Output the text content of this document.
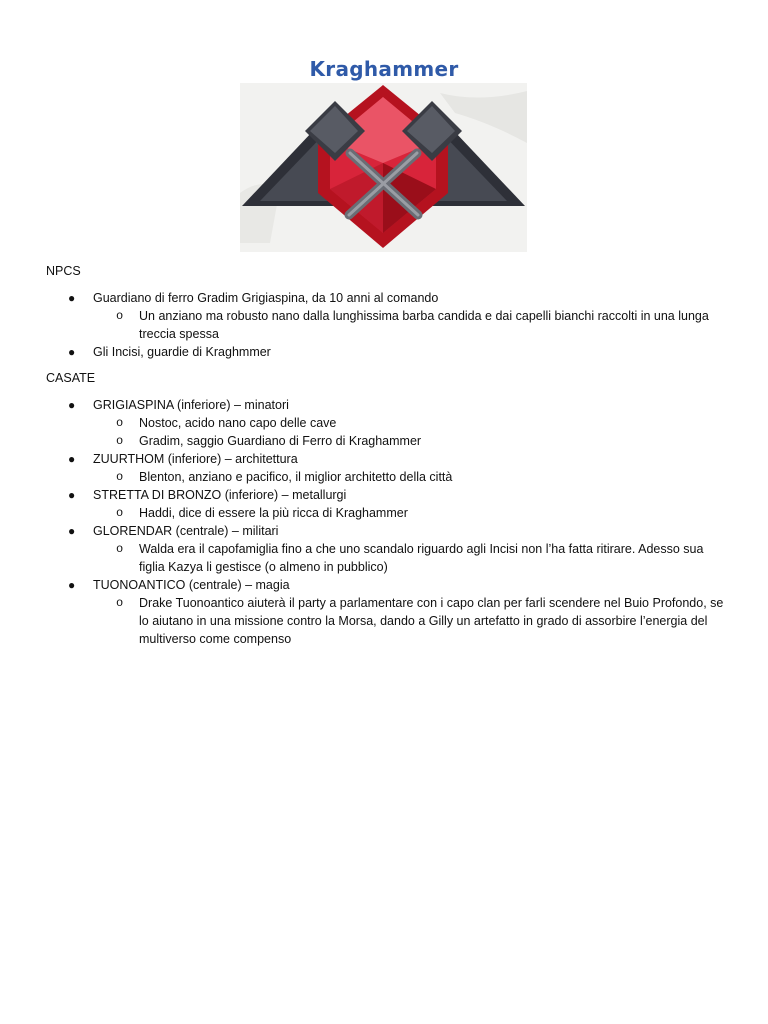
Kraghammer
NPCS
● Guardiano di ferro Gradim Grigiaspina, da 10 anni al comando
o Un anziano ma robusto nano dalla lunghissima barba candida e dai capelli bianchi raccolti in una lunga treccia spessa
● Gli Incisi, guardie di Kraghmmer
CASATE
● GRIGIASPINA (inferiore) – minatori
o Nostoc, acido nano capo delle cave
o Gradim, saggio Guardiano di Ferro di Kraghammer
● ZUURTHOM (inferiore) – architettura
o Blenton, anziano e pacifico, il miglior architetto della città
● STRETTA DI BRONZO (inferiore) – metallurgi
o Haddi, dice di essere la più ricca di Kraghammer
● GLORENDAR (centrale) – militari
o Walda era il capofamiglia fino a che uno scandalo riguardo agli Incisi non l’ha fatta ritirare. Adesso sua figlia Kazya li gestisce (o almeno in pubblico)
● TUONOANTICO (centrale) – magia
o Drake Tuonoantico aiuterà il party a parlamentare con i capo clan per farli scendere nel Buio Profondo, se lo aiutano in una missione contro la Morsa, dando a Gilly un artefatto in grado di assorbire l’energia del multiverso come compenso
